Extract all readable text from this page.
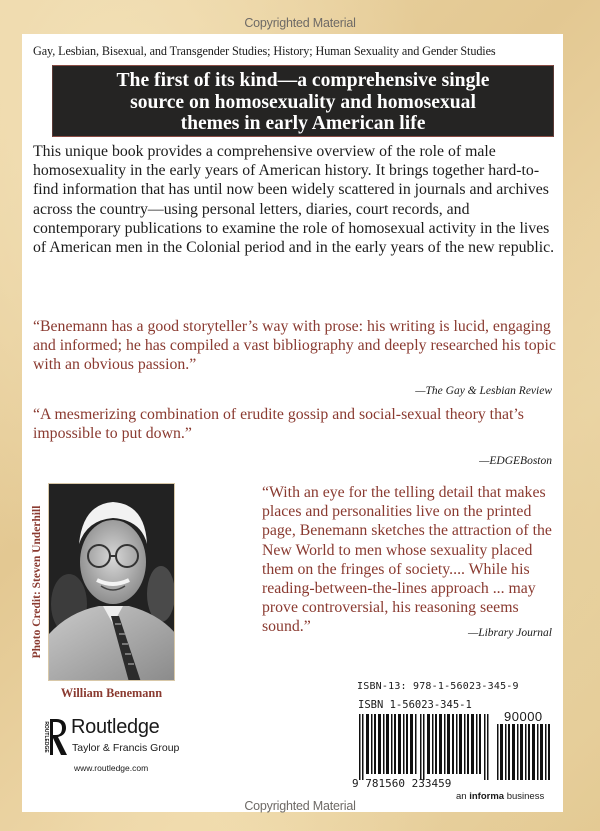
Copyrighted Material
Gay, Lesbian, Bisexual, and Transgender Studies; History; Human Sexuality and Gender Studies
The first of its kind—a comprehensive single
source on homosexuality and homosexual
themes in early American life
This unique book provides a comprehensive overview of the role of male homosexuality in the early years of American history. It brings together hard-to-find information that has until now been widely scattered in journals and archives across the country—using personal letters, diaries, court records, and contemporary publications to examine the role of homosexual activity in the lives of American men in the Colonial period and in the early years of the new republic.
“Benemann has a good storyteller’s way with prose: his writing is lucid, engaging and informed; he has compiled a vast bibliography and deeply researched his topic with an obvious passion.”
—The Gay & Lesbian Review
“A mesmerizing combination of erudite gossip and social-sexual theory that’s impossible to put down.”
—EDGEBoston
Photo Credit: Steven Underhill
William Benemann
“With an eye for the telling detail that makes places and personalities live on the printed page, Benemann sketches the attraction of the New World to men whose sexuality placed them on the fringes of society.... While his reading-between-the-lines approach ... may prove controversial, his reasoning seems sound.”	—Library Journal
ROUTLEDGE Routledge
Taylor & Francis Group
www.routledge.com
ISBN-13: 978-1-56023-345-9
ISBN 1-56023-345-1
90000
9 781560 233459
an informa business
Copyrighted Material
